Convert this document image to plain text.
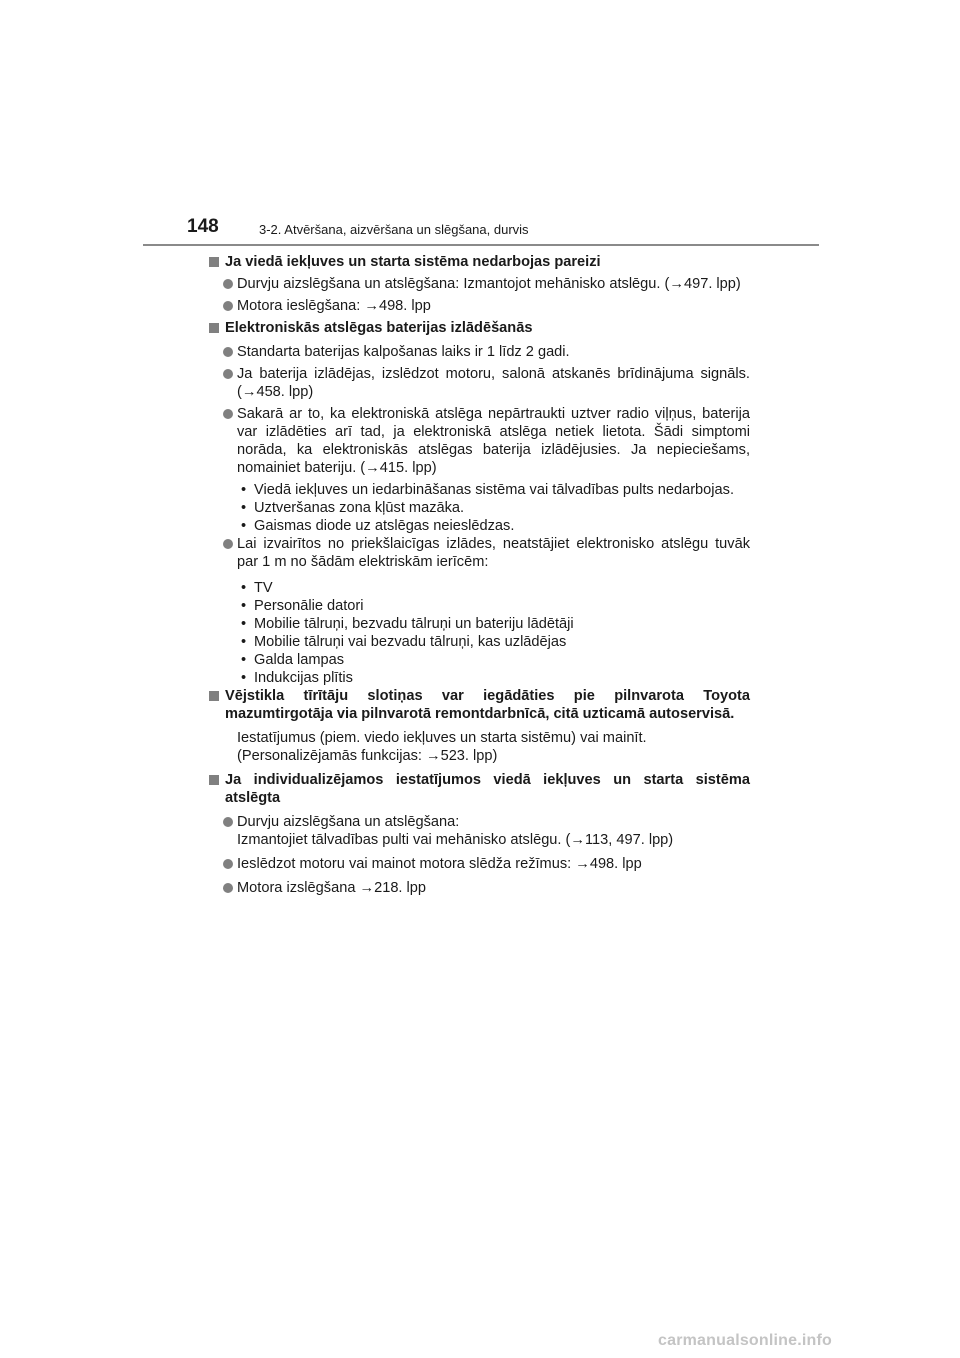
148	3-2. Atvēršana, aizvēršana un slēgšana, durvis
Ja viedā iekļuves un starta sistēma nedarbojas pareizi
Durvju aizslēgšana un atslēgšana: Izmantojot mehānisko atslēgu. (→497. lpp)
Motora ieslēgšana: →498. lpp
Elektroniskās atslēgas baterijas izlādēšanās
Standarta baterijas kalpošanas laiks ir 1 līdz 2 gadi.
Ja baterija izlādējas, izslēdzot motoru, salonā atskanēs brīdinājuma signāls. (→458. lpp)
Sakarā ar to, ka elektroniskā atslēga nepārtraukti uztver radio viļņus, baterija var izlādēties arī tad, ja elektroniskā atslēga netiek lietota. Šādi simptomi norāda, ka elektroniskās atslēgas baterija izlādējusies. Ja nepieciešams, nomainiet bateriju. (→415. lpp)
• Viedā iekļuves un iedarbināšanas sistēma vai tālvadības pults nedarbojas.
• Uztveršanas zona kļūst mazāka.
• Gaismas diode uz atslēgas neieslēdzas.
Lai izvairītos no priekšlaicīgas izlādes, neatstājiet elektronisko atslēgu tuvāk par 1 m no šādām elektriskām ierīcēm:
• TV
• Personālie datori
• Mobilie tālruņi, bezvadu tālruņi un bateriju lādētāji
• Mobilie tālruņi vai bezvadu tālruņi, kas uzlādējas
• Galda lampas
• Indukcijas plītis
Vējstikla tīrītāju slotiņas var iegādāties pie pilnvarota Toyota mazumtirgotāja via pilnvarotā remontdarbnīcā, citā uzticamā autoservisā.
Iestatījumus (piem. viedo iekļuves un starta sistēmu) vai mainīt.
(Personalizējamās funkcijas: →523. lpp)
Ja individualizējamos iestatījumos viedā iekļuves un starta sistēma atslēgta
Durvju aizslēgšana un atslēgšana:
Izmantojiet tālvadības pulti vai mehānisko atslēgu. (→113, 497. lpp)
Ieslēdzot motoru vai mainot motora slēdža režīmus: →498. lpp
Motora izslēgšana →218. lpp
carmanualsonline.info
